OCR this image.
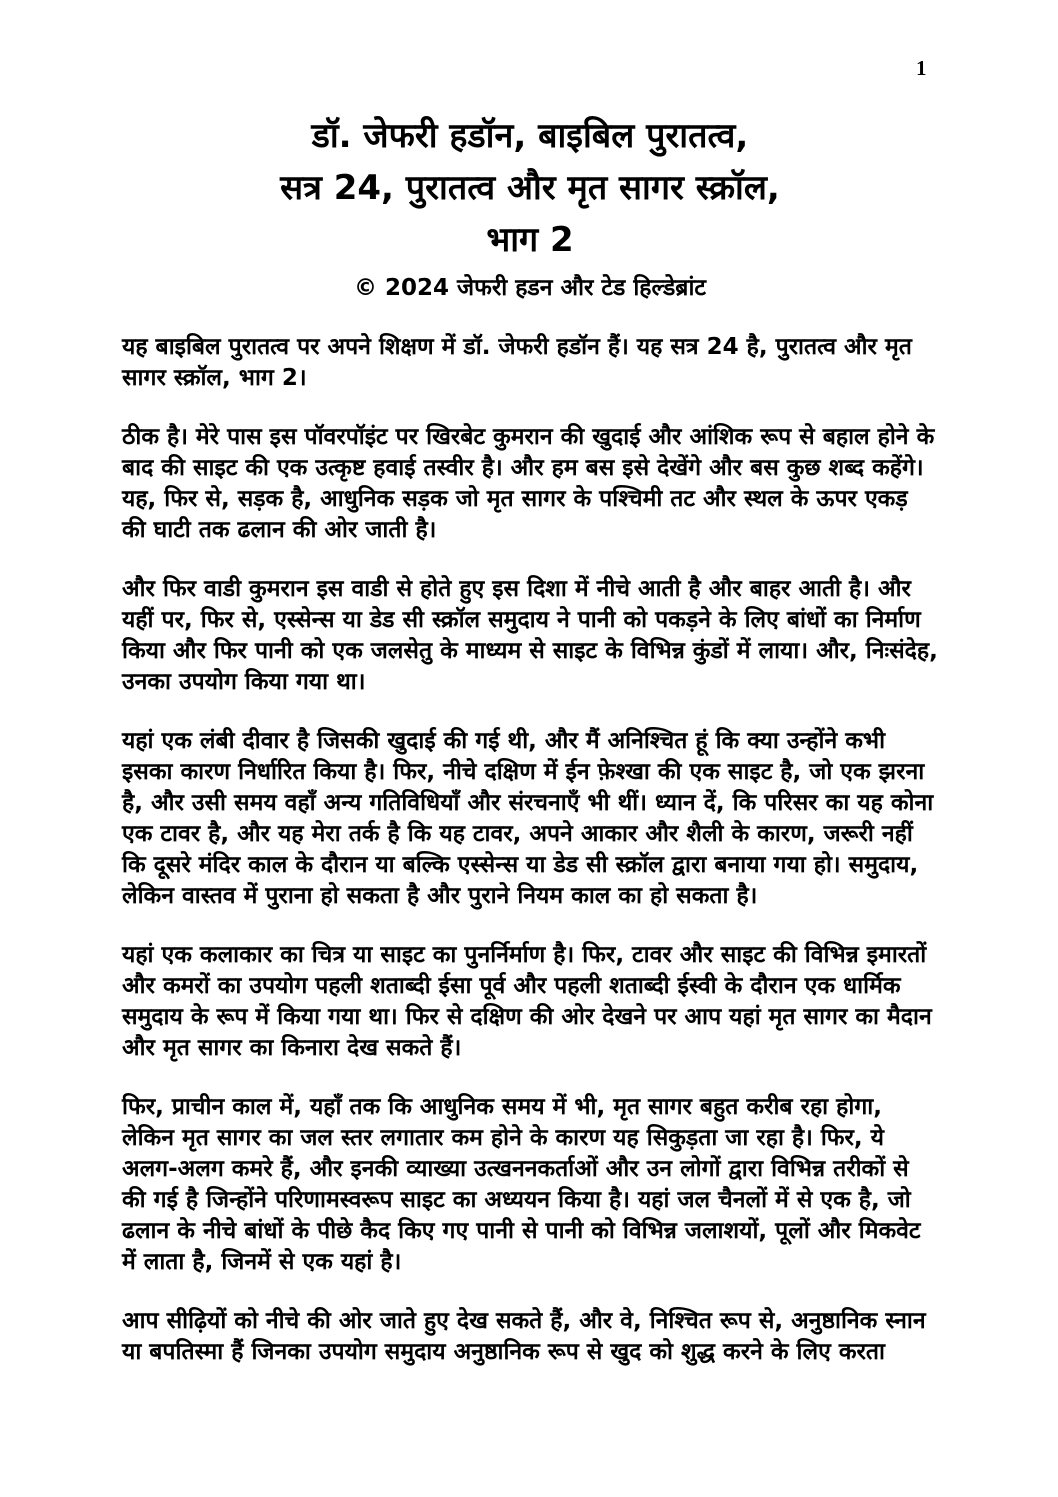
1
डॉ. जेफरी हडॉन, बाइबिल पुरातत्व,
सत्र 24, पुरातत्व और मृत सागर स्क्रॉल,
भाग 2
© 2024 जेफरी हडन और टेड हिल्डेब्रांट

यह बाइबिल पुरातत्व पर अपने शिक्षण में डॉ. जेफरी हडॉन हैं। यह सत्र 24 है, पुरातत्व और मृत सागर स्क्रॉल, भाग 2।

ठीक है। मेरे पास इस पॉवरपॉइंट पर खिरबेट कुमरान की खुदाई और आंशिक रूप से बहाल होने के बाद की साइट की एक उत्कृष्ट हवाई तस्वीर है। और हम बस इसे देखेंगे और बस कुछ शब्द कहेंगे। यह, फिर से, सड़क है, आधुनिक सड़क जो मृत सागर के पश्चिमी तट और स्थल के ऊपर एकड़ की घाटी तक ढलान की ओर जाती है।

और फिर वाडी कुमरान इस वाडी से होते हुए इस दिशा में नीचे आती है और बाहर आती है। और यहीं पर, फिर से, एस्सेन्स या डेड सी स्क्रॉल समुदाय ने पानी को पकड़ने के लिए बांधों का निर्माण किया और फिर पानी को एक जलसेतु के माध्यम से साइट के विभिन्न कुंडों में लाया। और, निःसंदेह, उनका उपयोग किया गया था।

यहां एक लंबी दीवार है जिसकी खुदाई की गई थी, और मैं अनिश्चित हूं कि क्या उन्होंने कभी इसका कारण निर्धारित किया है। फिर, नीचे दक्षिण में ईन फ़ेश्खा की एक साइट है, जो एक झरना है, और उसी समय वहाँ अन्य गतिविधियाँ और संरचनाएँ भी थीं। ध्यान दें, कि परिसर का यह कोना एक टावर है, और यह मेरा तर्क है कि यह टावर, अपने आकार और शैली के कारण, जरूरी नहीं कि दूसरे मंदिर काल के दौरान या बल्कि एस्सेन्स या डेड सी स्क्रॉल द्वारा बनाया गया हो। समुदाय, लेकिन वास्तव में पुराना हो सकता है और पुराने नियम काल का हो सकता है।

यहां एक कलाकार का चित्र या साइट का पुनर्निर्माण है। फिर, टावर और साइट की विभिन्न इमारतों और कमरों का उपयोग पहली शताब्दी ईसा पूर्व और पहली शताब्दी ईस्वी के दौरान एक धार्मिक समुदाय के रूप में किया गया था। फिर से दक्षिण की ओर देखने पर आप यहां मृत सागर का मैदान और मृत सागर का किनारा देख सकते हैं।

फिर, प्राचीन काल में, यहाँ तक कि आधुनिक समय में भी, मृत सागर बहुत करीब रहा होगा, लेकिन मृत सागर का जल स्तर लगातार कम होने के कारण यह सिकुड़ता जा रहा है। फिर, ये अलग-अलग कमरे हैं, और इनकी व्याख्या उत्खननकर्ताओं और उन लोगों द्वारा विभिन्न तरीकों से की गई है जिन्होंने परिणामस्वरूप साइट का अध्ययन किया है। यहां जल चैनलों में से एक है, जो ढलान के नीचे बांधों के पीछे कैद किए गए पानी से पानी को विभिन्न जलाशयों, पूलों और मिकवेट में लाता है, जिनमें से एक यहां है।

आप सीढ़ियों को नीचे की ओर जाते हुए देख सकते हैं, और वे, निश्चित रूप से, अनुष्ठानिक स्नान या बपतिस्मा हैं जिनका उपयोग समुदाय अनुष्ठानिक रूप से खुद को शुद्ध करने के लिए करता
